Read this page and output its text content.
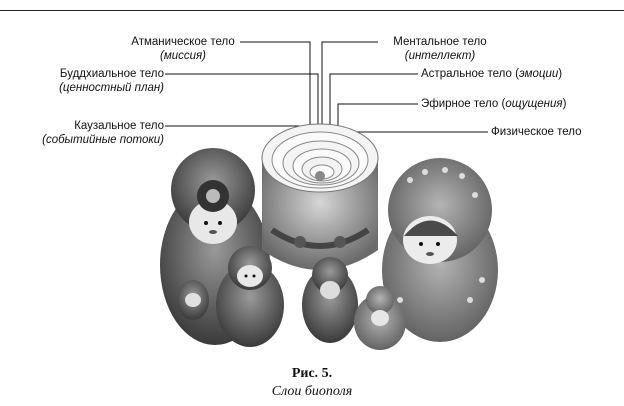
Атманическое тело
(миссия)
Буддхиальное тело
(ценностный план)
Каузальное тело
(событийные потоки)
Ментальное тело
(интеллект)
Астральное тело (эмоции)
Эфирное тело (ощущения)
Физическое тело
Рис. 5.
Слои биополя
